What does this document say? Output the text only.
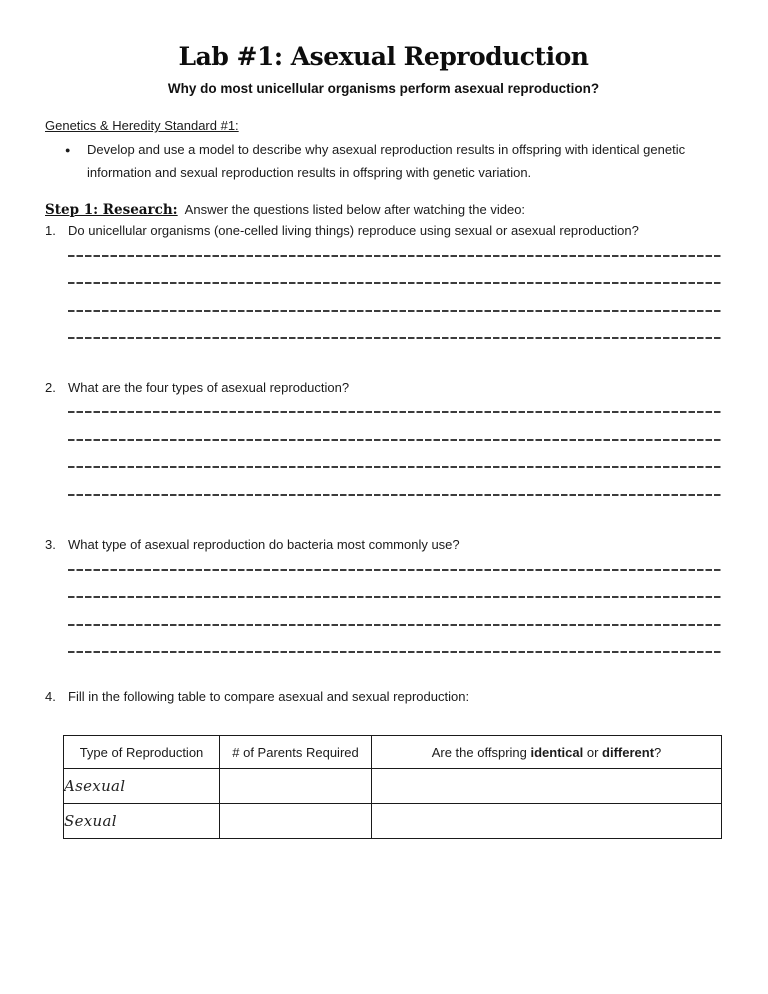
Lab #1: Asexual Reproduction
Why do most unicellular organisms perform asexual reproduction?
Genetics & Heredity Standard #1:
●	Develop and use a model to describe why asexual reproduction results in offspring with identical genetic information and sexual reproduction results in offspring with genetic variation.
Step 1: Research: Answer the questions listed below after watching the video:
1. Do unicellular organisms (one-celled living things) reproduce using sexual or asexual reproduction?
2. What are the four types of asexual reproduction?
3. What type of asexual reproduction do bacteria most commonly use?
4. Fill in the following table to compare asexual and sexual reproduction:
Type of Reproduction	# of Parents Required	Are the offspring identical or different?
Asexual		
Sexual		
